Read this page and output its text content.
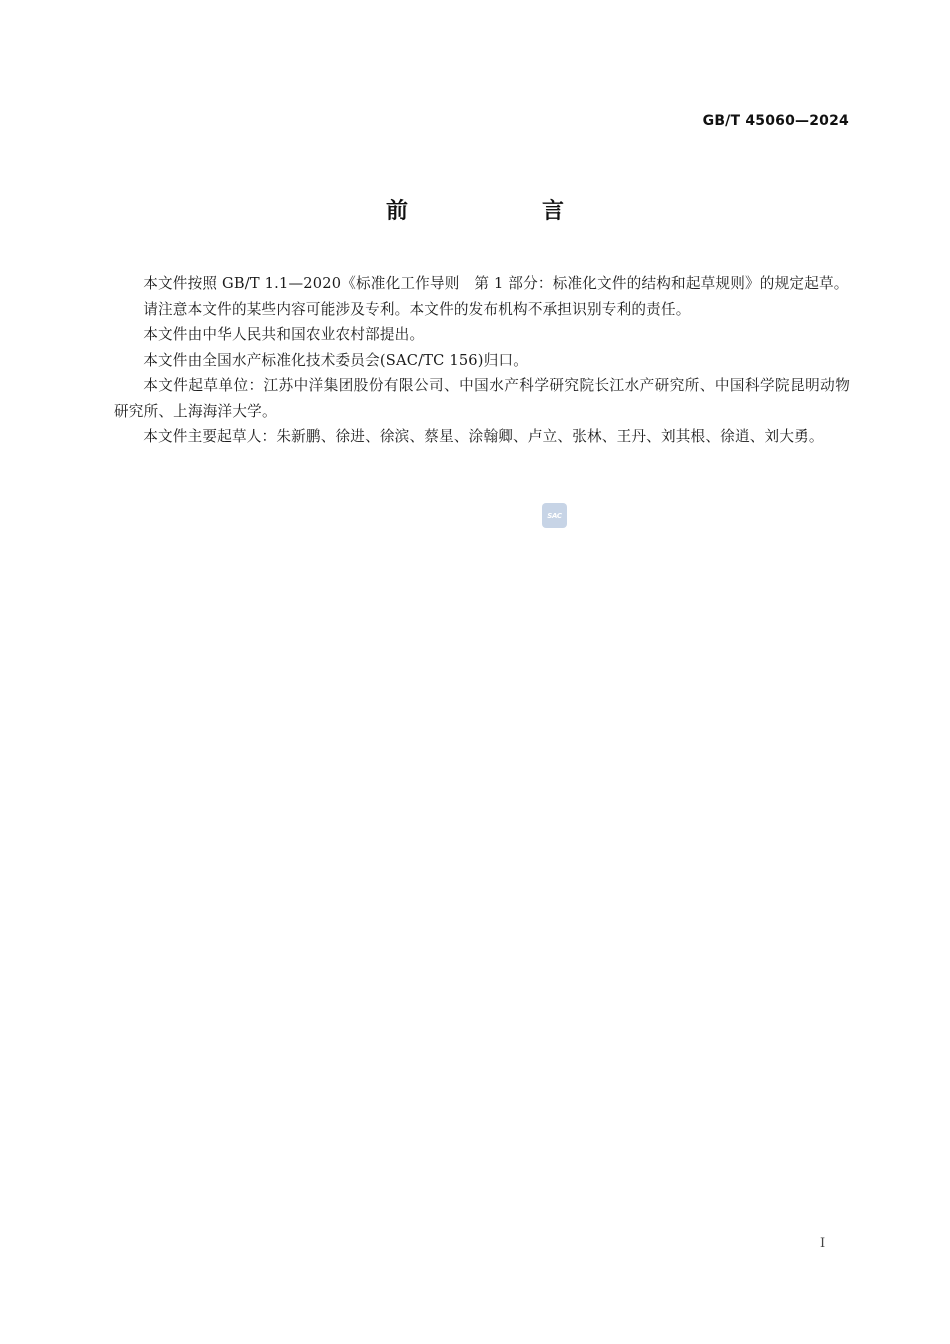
GB/T 45060—2024
前　言

本文件按照 GB/T 1.1—2020《标准化工作导则　第 1 部分：标准化文件的结构和起草规则》的规定起草。

请注意本文件的某些内容可能涉及专利。本文件的发布机构不承担识别专利的责任。

本文件由中华人民共和国农业农村部提出。

本文件由全国水产标准化技术委员会(SAC/TC 156)归口。

本文件起草单位：江苏中洋集团股份有限公司、中国水产科学研究院长江水产研究所、中国科学院昆明动物研究所、上海海洋大学。

本文件主要起草人：朱新鹏、徐进、徐滨、蔡星、涂翰卿、卢立、张林、王丹、刘其根、徐逍、刘大勇。

SAC
I
